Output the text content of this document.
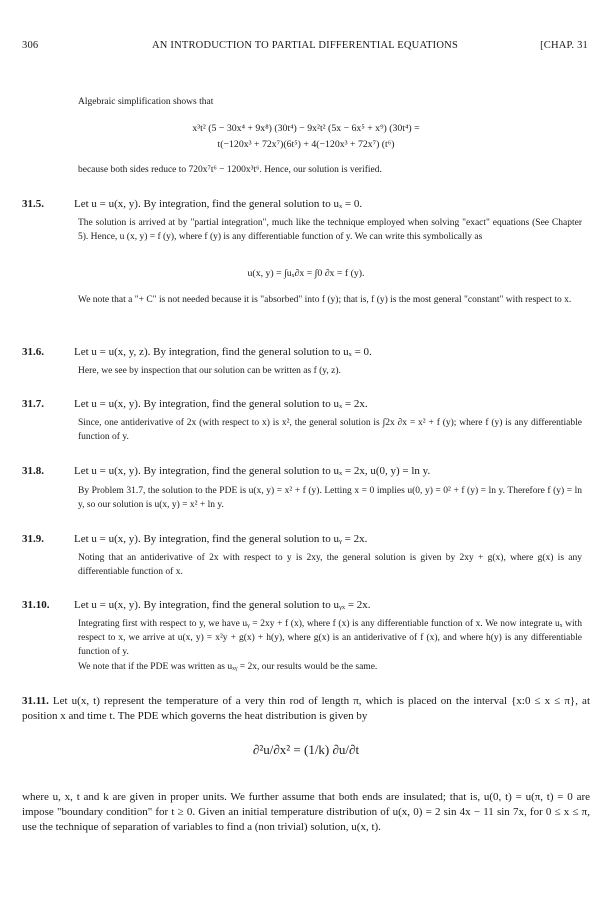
306	AN INTRODUCTION TO PARTIAL DIFFERENTIAL EQUATIONS	[CHAP. 31
Algebraic simplification shows that
x³t² (5 − 30x⁴ + 9x⁸) (30t⁴) − 9x²t² (5x − 6x⁵ + x⁹) (30t⁴) =
t(−120x³ + 72x⁷)(6t⁵) + 4(−120x³ + 72x⁷) (t⁶)
because both sides reduce to 720x⁷t⁶ − 1200x³t⁶. Hence, our solution is verified.
31.5.	Let u = u(x, y). By integration, find the general solution to uₓ = 0.
The solution is arrived at by "partial integration", much like the technique employed when solving "exact" equations (See Chapter 5). Hence, u (x, y) = f (y), where f (y) is any differentiable function of y. We can write this symbolically as
u(x, y) = ∫uₓ∂x = ∫0 ∂x = f (y).
We note that a "+ C" is not needed because it is "absorbed" into f (y); that is, f (y) is the most general "constant" with respect to x.
31.6.	Let u = u(x, y, z). By integration, find the general solution to uₓ = 0.
Here, we see by inspection that our solution can be written as f (y, z).
31.7.	Let u = u(x, y). By integration, find the general solution to uₓ = 2x.
Since, one antiderivative of 2x (with respect to x) is x², the general solution is ∫2x ∂x = x² + f (y); where f (y) is any differentiable function of y.
31.8.	Let u = u(x, y). By integration, find the general solution to uₓ = 2x, u(0, y) = ln y.
By Problem 31.7, the solution to the PDE is u(x, y) = x² + f (y). Letting x = 0 implies u(0, y) = 0² + f (y) = ln y. Therefore f (y) = ln y, so our solution is u(x, y) = x² + ln y.
31.9.	Let u = u(x, y). By integration, find the general solution to uᵧ = 2x.
Noting that an antiderivative of 2x with respect to y is 2xy, the general solution is given by 2xy + g(x), where g(x) is any differentiable function of x.
31.10. Let u = u(x, y). By integration, find the general solution to uᵧₓ = 2x.
Integrating first with respect to y, we have uᵧ = 2xy + f (x), where f (x) is any differentiable function of x. We now integrate uₓ with respect to x, we arrive at u(x, y) = x²y + g(x) + h(y), where g(x) is an antiderivative of f (x), and where h(y) is any differentiable function of y.
We note that if the PDE was written as uₓᵧ = 2x, our results would be the same.
31.11. Let u(x, t) represent the temperature of a very thin rod of length π, which is placed on the interval {x:0 ≤ x ≤ π}, at position x and time t. The PDE which governs the heat distribution is given by
∂²u/∂x² = (1/k) ∂u/∂t
where u, x, t and k are given in proper units. We further assume that both ends are insulated; that is, u(0, t) = u(π, t) = 0 are impose "boundary condition" for t ≥ 0. Given an initial temperature distribution of u(x, 0) = 2 sin 4x − 11 sin 7x, for 0 ≤ x ≤ π, use the technique of separation of variables to find a (non trivial) solution, u(x, t).
